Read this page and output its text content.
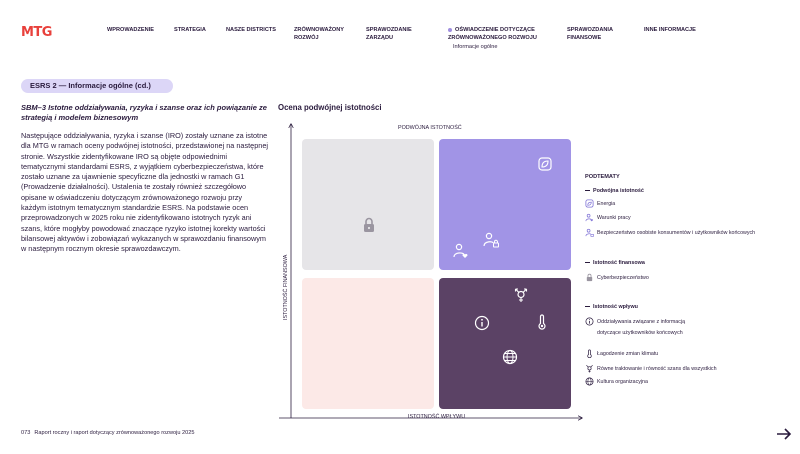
MTG	WPROWADZENIE	STRATEGIA	NASZE DISTRICTS	ZRÓWNOWAŻONY ROZWÓJ
SPRAWOZDANIE ZARZĄDU
OŚWIADCZENIE DOTYCZĄCE ZRÓWNOWAŻONEGO ROZWOJU
Informacje ogólne
SPRAWOZDANIA FINANSOWE
INNE INFORMACJE
ESRS 2 — Informacje ogólne (cd.)
SBM–3 Istotne oddziaływania, ryzyka i szanse oraz ich powiązanie ze strategią i modelem biznesowym
Następujące oddziaływania, ryzyka i szanse (IRO) zostały uznane za istotne dla MTG w ramach oceny podwójnej istotności, przedstawionej na następnej stronie. Wszystkie zidentyfikowane IRO są objęte odpowiednimi tematycznymi standardami ESRS, z wyjątkiem cyberbezpieczeństwa, które zostało uznane za ujawnienie specyficzne dla jednostki w ramach G1 (Prowadzenie działalności). Ustalenia te zostały również szczegółowo opisane w oświadczeniu dotyczącym zrównoważonego rozwoju przy każdym istotnym tematycznym standardzie ESRS. Na podstawie ocen przeprowadzonych w 2025 roku nie zidentyfikowano istotnych ryzyk ani szans, które mogłyby powodować znaczące ryzyko istotnej korekty wartości bilansowej aktywów i zobowiązań wykazanych w sprawozdaniu finansowym w następnym rocznym okresie sprawozdawczym.
Ocena podwójnej istotności
PODWÓJNA ISTOTNOŚĆ
ISTOTNOŚĆ WPŁYWU
ISTOTNOŚĆ FINANSOWA
PODTEMATY
Podwójna istotność
Energia
Warunki pracy
Bezpieczeństwo osobiste konsumentów i użytkowników końcowych
Istotność finansowa
Cyberbezpieczeństwo
Istotność wpływu
Oddziaływania związane z informacją
dotyczące użytkowników końcowych
Łagodzenie zmian klimatu
Równe traktowanie i równość szans dla wszystkich
Kultura organizacyjna
073 Raport roczny i raport dotyczący zrównoważonego rozwoju 2025
